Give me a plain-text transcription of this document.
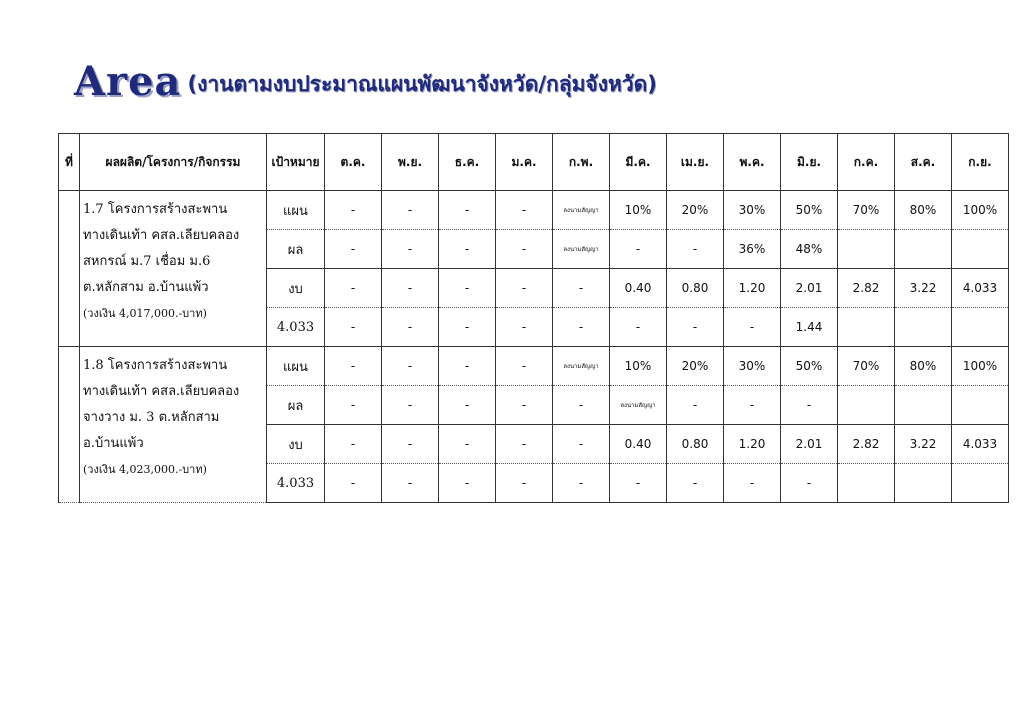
Area (งานตามงบประมาณแผนพัฒนาจังหวัด/กลุ่มจังหวัด)
ที่	ผลผลิต/โครงการ/กิจกรรม	เป้าหมาย	ต.ค.	พ.ย.	ธ.ค.	ม.ค.	ก.พ.	มี.ค.	เม.ย.	พ.ค.	มิ.ย.	ก.ค.	ส.ค.	ก.ย.

	1.7 โครงการสร้างสะพาน
ทางเดินเท้า คสล.เลียบคลอง
สหกรณ์ ม.7 เชื่อม ม.6
ต.หลักสาม อ.บ้านแพ้ว
(วงเงิน 4,017,000.-บาท)	แผน	-	-	-	-	ลงนามสัญญา	10%	20%	30%	50%	70%	80%	100%
		ผล	-	-	-	-	ลงนามสัญญา	-	-	36%	48%			
		งบ	-	-	-	-	-	0.40	0.80	1.20	2.01	2.82	3.22	4.033
		4.033	-	-	-	-	-	-	-	-	1.44			

	1.8 โครงการสร้างสะพาน
ทางเดินเท้า คสล.เลียบคลอง
จางวาง ม. 3 ต.หลักสาม
อ.บ้านแพ้ว
(วงเงิน 4,023,000.-บาท)	แผน	-	-	-	-	ลงนามสัญญา	10%	20%	30%	50%	70%	80%	100%
		ผล	-	-	-	-	-	ลงนามสัญญา	-	-	-			
		งบ	-	-	-	-	-	0.40	0.80	1.20	2.01	2.82	3.22	4.033
		4.033	-	-	-	-	-	-	-	-	-			
